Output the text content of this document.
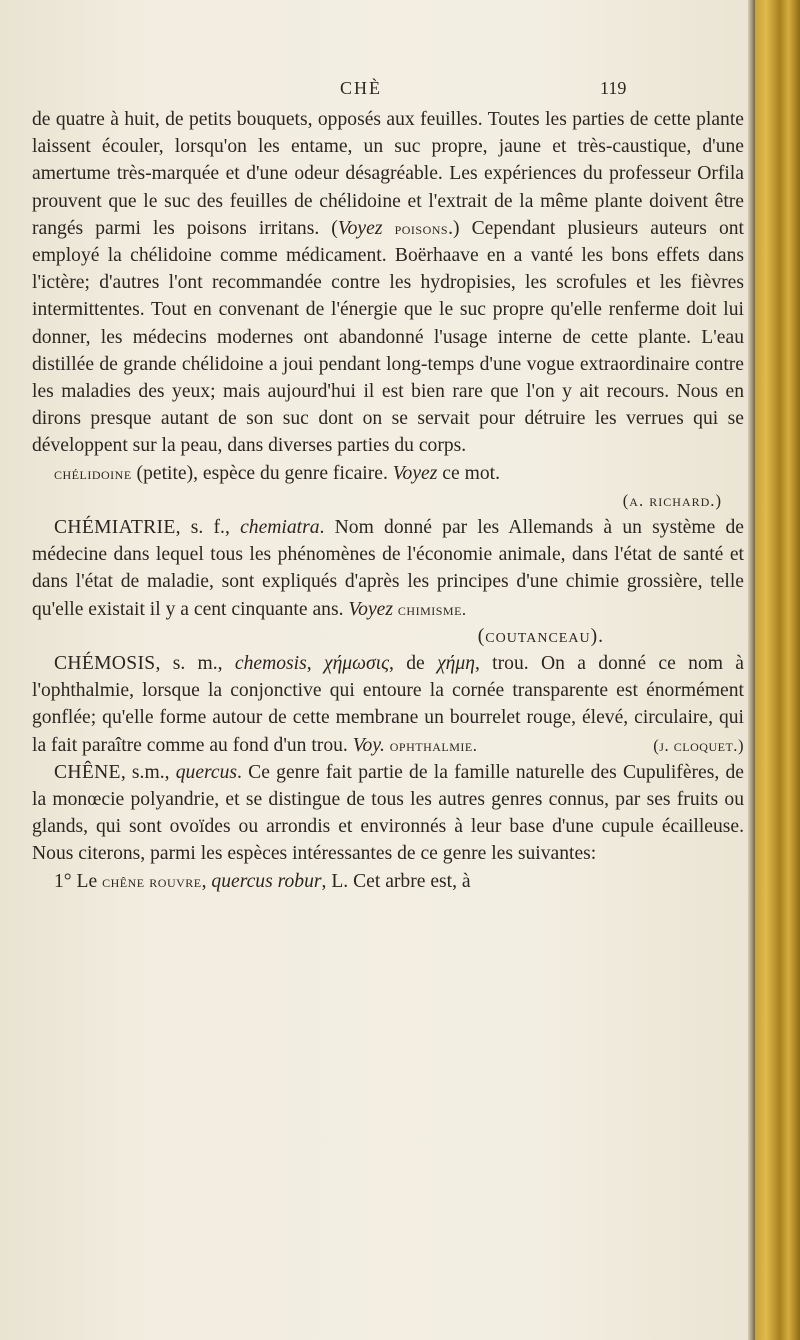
CHÈ	119

de quatre à huit, de petits bouquets, opposés aux feuilles. Toutes les parties de cette plante laissent écouler, lorsqu'on les entame, un suc propre, jaune et très-caustique, d'une amertume très-marquée et d'une odeur désagréable. Les expériences du professeur Orfila prouvent que le suc des feuilles de chélidoine et l'extrait de la même plante doivent être rangés parmi les poisons irritans. (Voyez poisons.) Cependant plusieurs auteurs ont employé la chélidoine comme médicament. Boërhaave en a vanté les bons effets dans l'ictère; d'autres l'ont recommandée contre les hydropisies, les scrofules et les fièvres intermittentes. Tout en convenant de l'énergie que le suc propre qu'elle renferme doit lui donner, les médecins modernes ont abandonné l'usage interne de cette plante. L'eau distillée de grande chélidoine a joui pendant long-temps d'une vogue extraordinaire contre les maladies des yeux; mais aujourd'hui il est bien rare que l'on y ait recours. Nous en dirons presque autant de son suc dont on se servait pour détruire les verrues qui se développent sur la peau, dans diverses parties du corps.

chélidoine (petite), espèce du genre ficaire. Voyez ce mot.

(a. richard.)

CHÉMIATRIE, s. f., chemiatra. Nom donné par les Allemands à un système de médecine dans lequel tous les phénomènes de l'économie animale, dans l'état de santé et dans l'état de maladie, sont expliqués d'après les principes d'une chimie grossière, telle qu'elle existait il y a cent cinquante ans. Voyez chimisme.

(coutanceau).

CHÉMOSIS, s. m., chemosis, χήμωσις, de χήμη, trou. On a donné ce nom à l'ophthalmie, lorsque la conjonctive qui entoure la cornée transparente est énormément gonflée; qu'elle forme autour de cette membrane un bourrelet rouge, élevé, circulaire, qui la fait paraître comme au fond d'un trou. Voy. ophthalmie.	(j. cloquet.)

CHÊNE, s.m., quercus. Ce genre fait partie de la famille naturelle des Cupulifères, de la monœcie polyandrie, et se distingue de tous les autres genres connus, par ses fruits ou glands, qui sont ovoïdes ou arrondis et environnés à leur base d'une cupule écailleuse. Nous citerons, parmi les espèces intéressantes de ce genre les suivantes:

1° Le chêne rouvre, quercus robur, L. Cet arbre est, à
